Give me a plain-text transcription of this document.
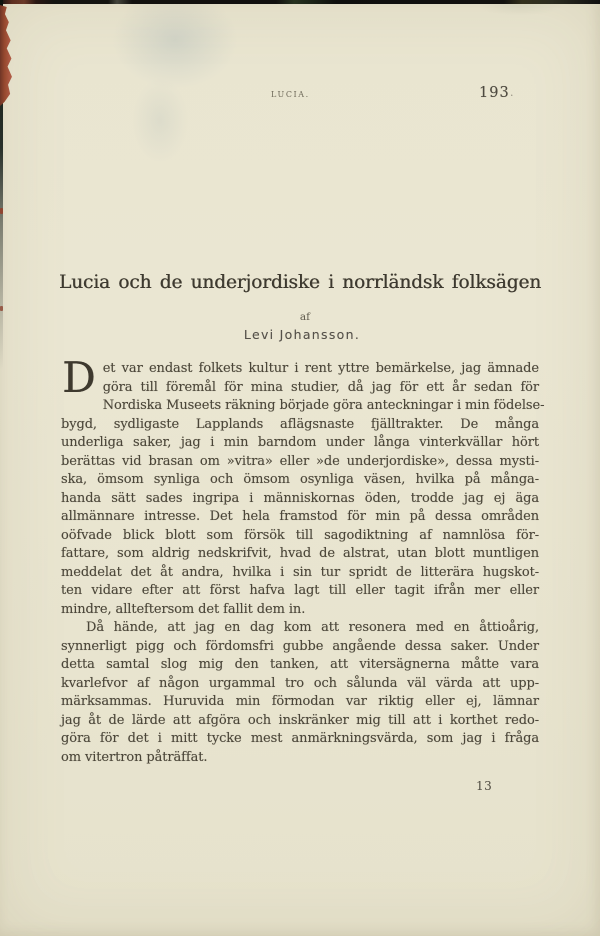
LUCIA.	193 ·
Lucia och de underjordiske i norrländsk folksägen
af
Levi Johansson.
D et var endast folkets kultur i rent yttre bemärkelse, jag ämnade
göra till föremål för mina studier, då jag för ett år sedan för
Nordiska Museets räkning började göra anteckningar i min födelse-
bygd, sydligaste Lapplands aflägsnaste fjälltrakter. De många
underliga saker, jag i min barndom under långa vinterkvällar hört
berättas vid brasan om »vitra» eller »de underjordiske», dessa mysti-
ska, ömsom synliga och ömsom osynliga väsen, hvilka på många-
handa sätt sades ingripa i människornas öden, trodde jag ej äga
allmännare intresse. Det hela framstod för min på dessa områden
oöfvade blick blott som försök till sagodiktning af namnlösa för-
fattare, som aldrig nedskrifvit, hvad de alstrat, utan blott muntligen
meddelat det åt andra, hvilka i sin tur spridt de litterära hugskot-
ten vidare efter att först hafva lagt till eller tagit ifrån mer eller
mindre, allteftersom det fallit dem in.
Då hände, att jag en dag kom att resonera med en åttioårig,
synnerligt pigg och fördomsfri gubbe angående dessa saker. Under
detta samtal slog mig den tanken, att vitersägnerna måtte vara
kvarlefvor af någon urgammal tro och sålunda väl värda att upp-
märksammas. Huruvida min förmodan var riktig eller ej, lämnar
jag åt de lärde att afgöra och inskränker mig till att i korthet redo-
göra för det i mitt tycke mest anmärkningsvärda, som jag i fråga
om vitertron påträffat.
13
